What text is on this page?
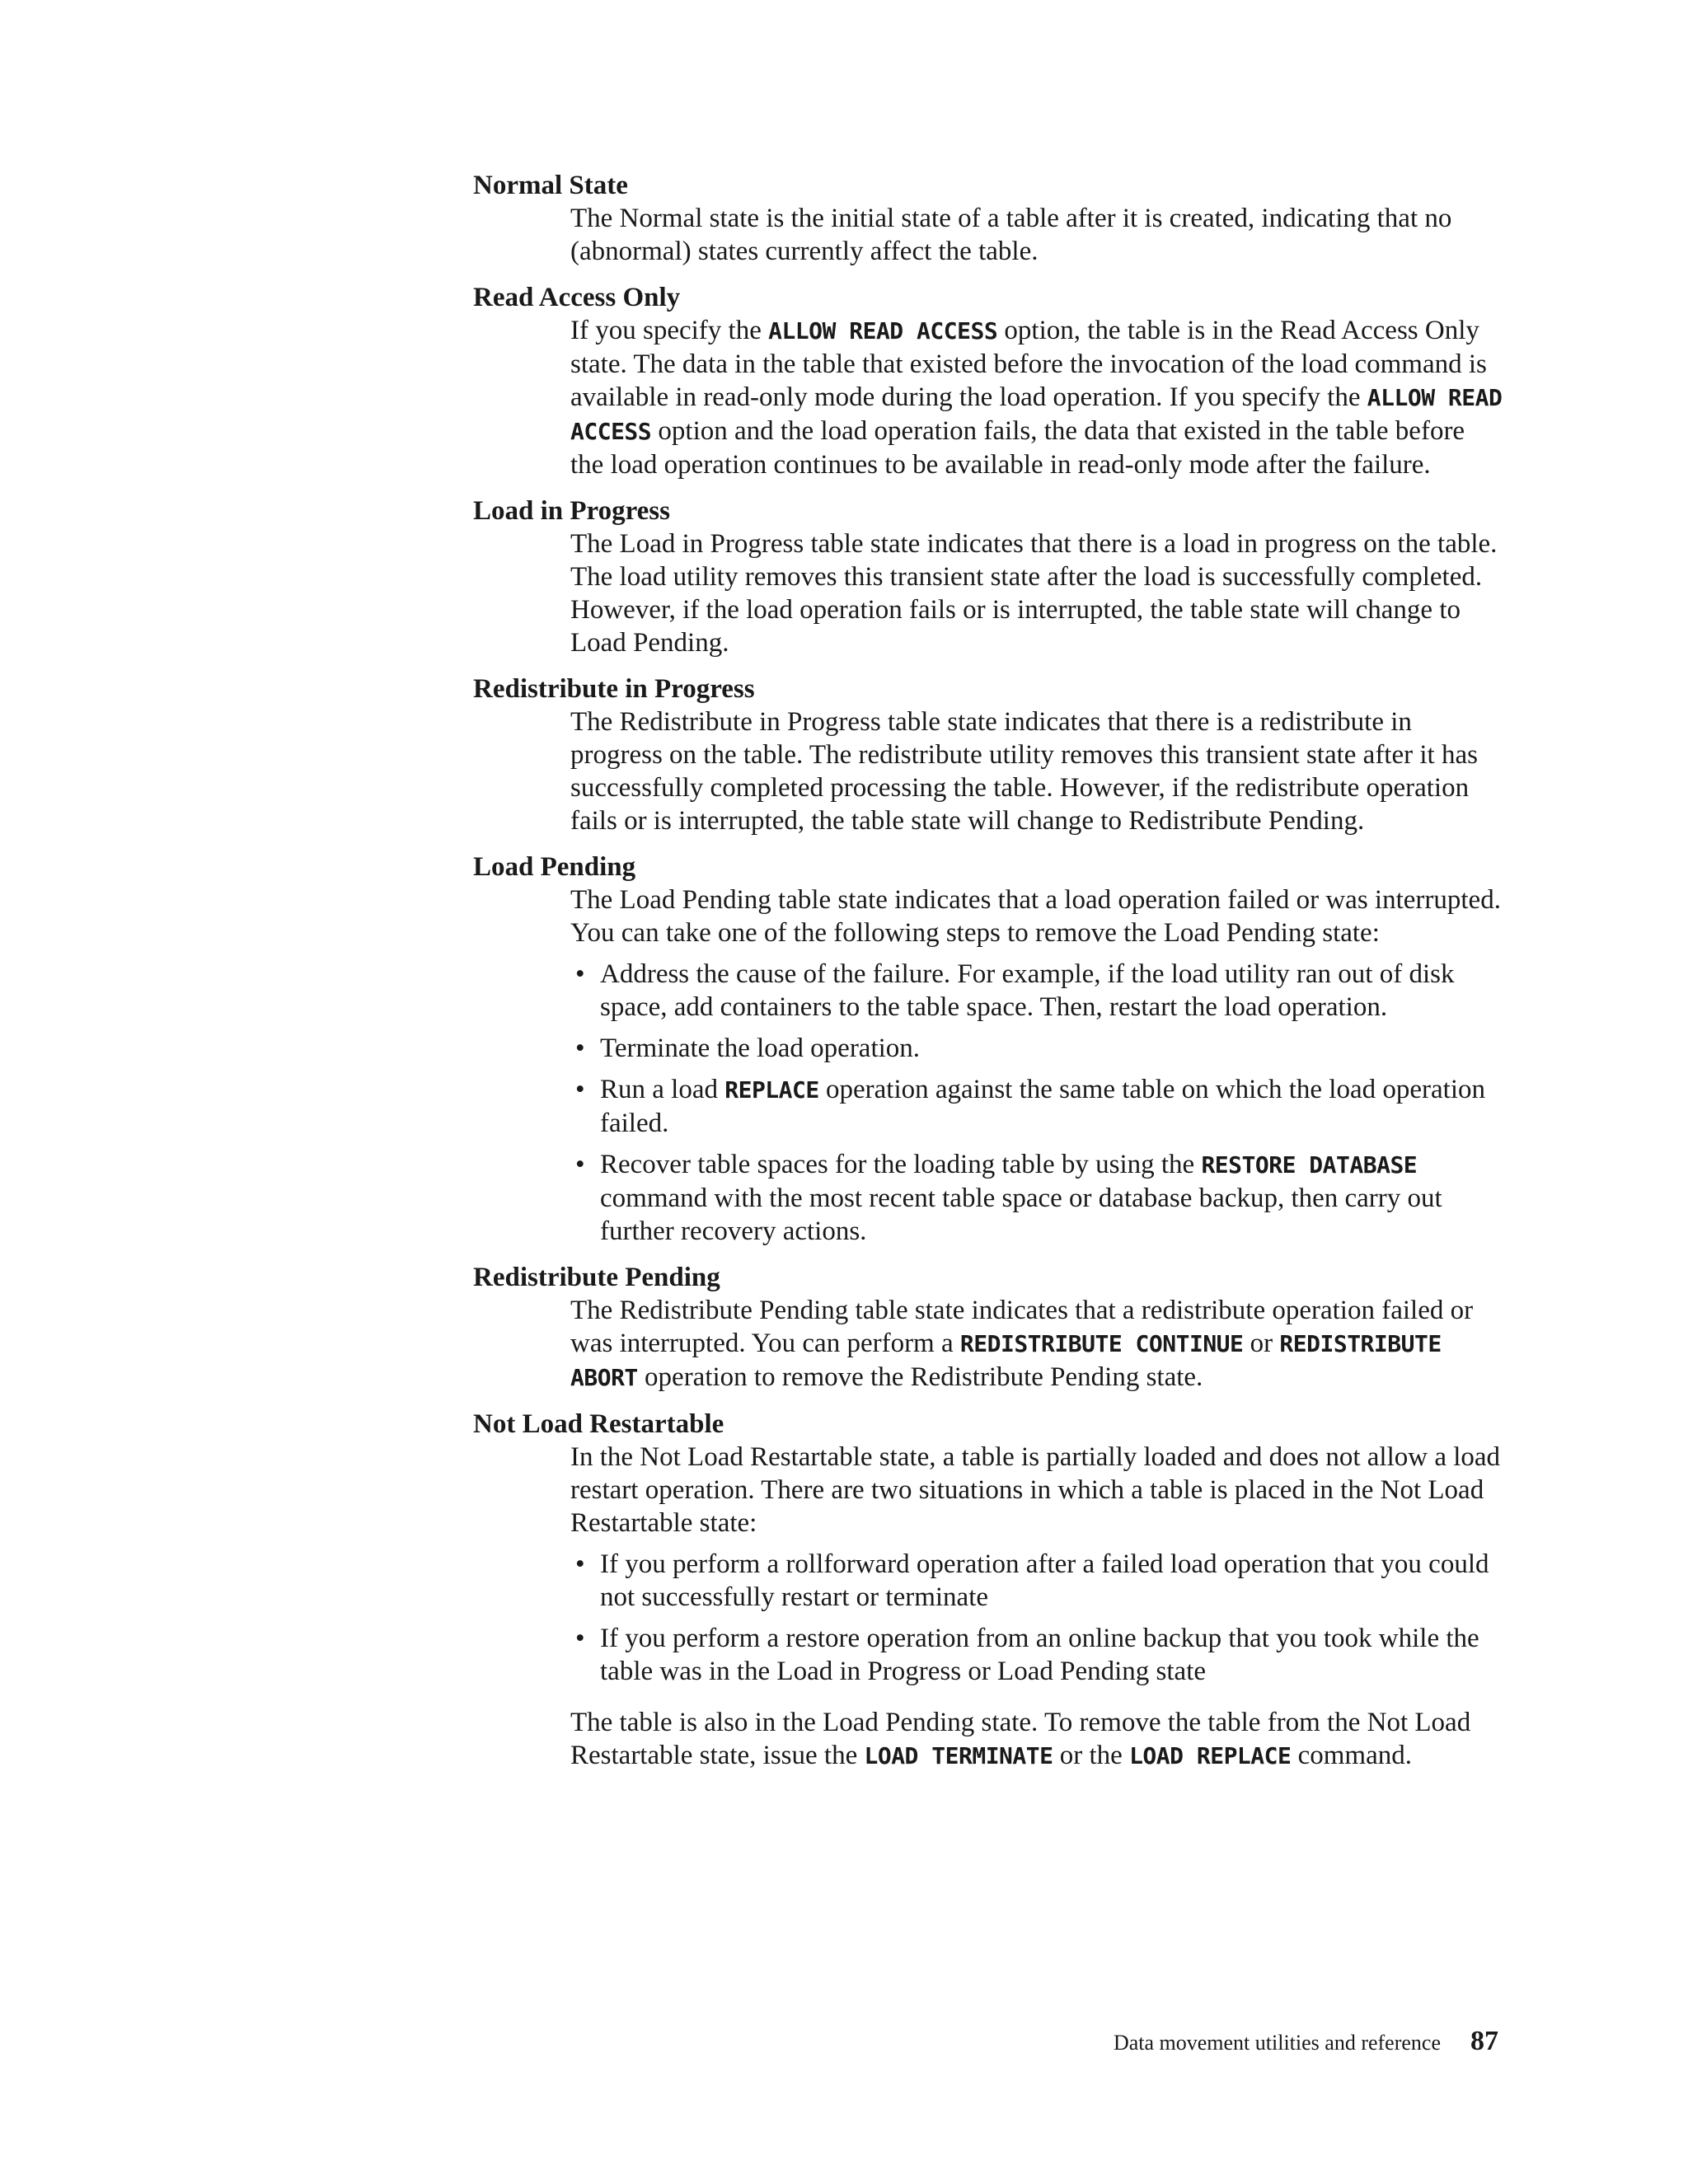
Normal State

The Normal state is the initial state of a table after it is created, indicating that no (abnormal) states currently affect the table.

Read Access Only

If you specify the ALLOW READ ACCESS option, the table is in the Read Access Only state. The data in the table that existed before the invocation of the load command is available in read-only mode during the load operation. If you specify the ALLOW READ ACCESS option and the load operation fails, the data that existed in the table before the load operation continues to be available in read-only mode after the failure.

Load in Progress

The Load in Progress table state indicates that there is a load in progress on the table. The load utility removes this transient state after the load is successfully completed. However, if the load operation fails or is interrupted, the table state will change to Load Pending.

Redistribute in Progress

The Redistribute in Progress table state indicates that there is a redistribute in progress on the table. The redistribute utility removes this transient state after it has successfully completed processing the table. However, if the redistribute operation fails or is interrupted, the table state will change to Redistribute Pending.

Load Pending

The Load Pending table state indicates that a load operation failed or was interrupted. You can take one of the following steps to remove the Load Pending state:

• Address the cause of the failure. For example, if the load utility ran out of disk space, add containers to the table space. Then, restart the load operation.
• Terminate the load operation.
• Run a load REPLACE operation against the same table on which the load operation failed.
• Recover table spaces for the loading table by using the RESTORE DATABASE command with the most recent table space or database backup, then carry out further recovery actions.

Redistribute Pending

The Redistribute Pending table state indicates that a redistribute operation failed or was interrupted. You can perform a REDISTRIBUTE CONTINUE or REDISTRIBUTE ABORT operation to remove the Redistribute Pending state.

Not Load Restartable

In the Not Load Restartable state, a table is partially loaded and does not allow a load restart operation. There are two situations in which a table is placed in the Not Load Restartable state:

• If you perform a rollforward operation after a failed load operation that you could not successfully restart or terminate
• If you perform a restore operation from an online backup that you took while the table was in the Load in Progress or Load Pending state

The table is also in the Load Pending state. To remove the table from the Not Load Restartable state, issue the LOAD TERMINATE or the LOAD REPLACE command.

Data movement utilities and reference 87
